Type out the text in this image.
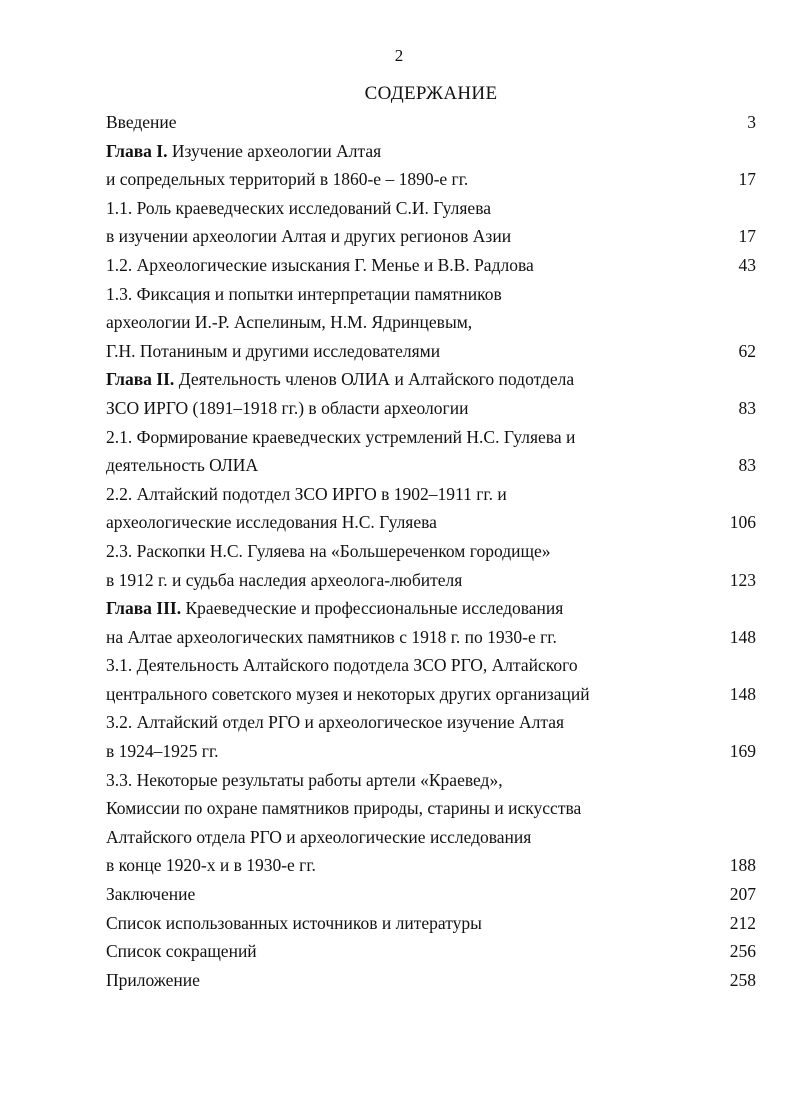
2
СОДЕРЖАНИЕ
Введение	3
Глава I. Изучение археологии Алтая
и сопредельных территорий в 1860-е – 1890-е гг.	17
1.1. Роль краеведческих исследований С.И. Гуляева
в изучении археологии Алтая и других регионов Азии	17
1.2. Археологические изыскания Г. Менье и В.В. Радлова	43
1.3. Фиксация и попытки интерпретации памятников
археологии И.-Р. Аспелиным, Н.М. Ядринцевым,
Г.Н. Потаниным и другими исследователями	62
Глава II. Деятельность членов ОЛИА и Алтайского подотдела
ЗСО ИРГО (1891–1918 гг.) в области археологии	83
2.1. Формирование краеведческих устремлений Н.С. Гуляева и
деятельность ОЛИА	83
2.2. Алтайский подотдел ЗСО ИРГО в 1902–1911 гг. и
археологические исследования Н.С. Гуляева	106
2.3. Раскопки Н.С. Гуляева на «Большереченком городище»
в 1912 г. и судьба наследия археолога-любителя	123
Глава III. Краеведческие и профессиональные исследования
на Алтае археологических памятников с 1918 г. по 1930-е гг.	148
3.1. Деятельность Алтайского подотдела ЗСО РГО, Алтайского
центрального советского музея и некоторых других организаций	148
3.2. Алтайский отдел РГО и археологическое изучение Алтая
в 1924–1925 гг.	169
3.3. Некоторые результаты работы артели «Краевед»,
Комиссии по охране памятников природы, старины и искусства
Алтайского отдела РГО и археологические исследования
в конце 1920-х и в 1930-е гг.	188
Заключение	207
Список использованных источников и литературы	212
Список сокращений	256
Приложение	258
